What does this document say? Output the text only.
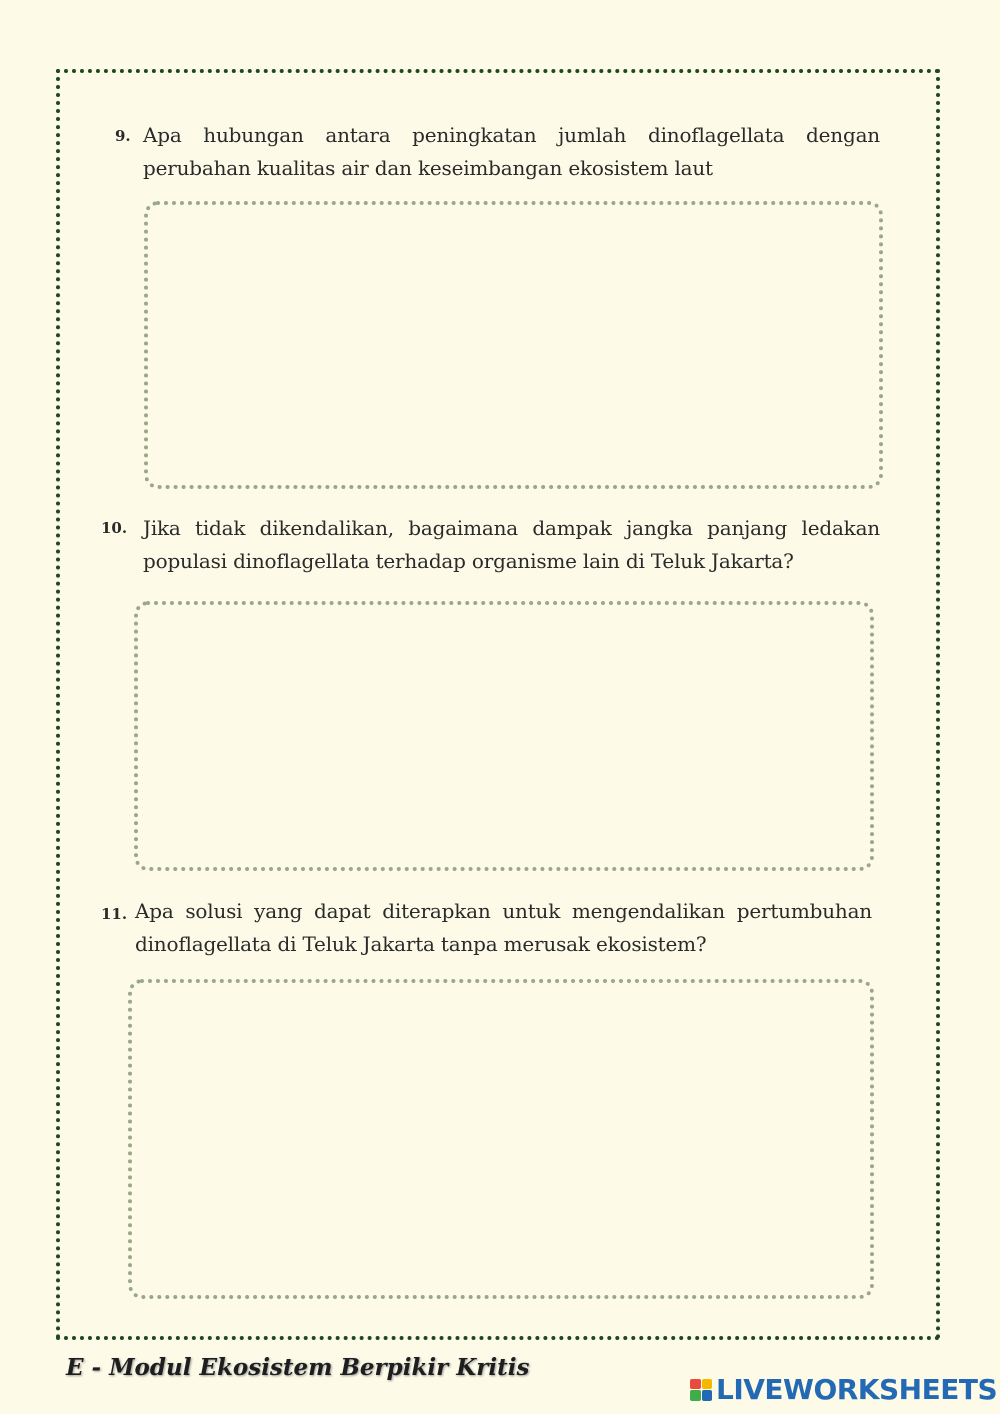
9. Apa hubungan antara peningkatan jumlah dinoflagellata dengan perubahan kualitas air dan keseimbangan ekosistem laut
10. Jika tidak dikendalikan, bagaimana dampak jangka panjang ledakan populasi dinoflagellata terhadap organisme lain di Teluk Jakarta?
11. Apa solusi yang dapat diterapkan untuk mengendalikan pertumbuhan dinoflagellata di Teluk Jakarta tanpa merusak ekosistem?
E - Modul Ekosistem Berpikir Kritis
LIVEWORKSHEETS
